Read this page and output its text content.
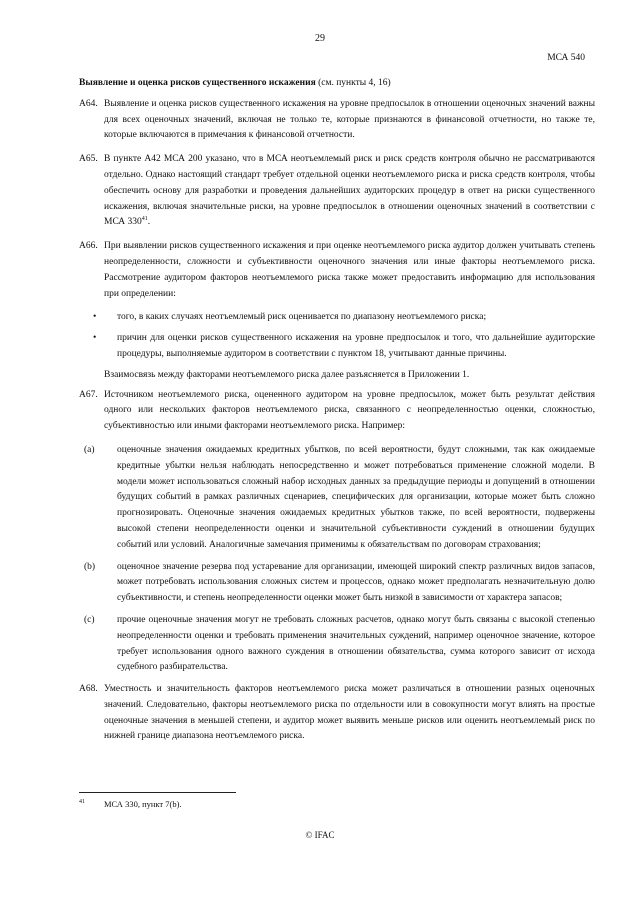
29
МСА 540

Выявление и оценка рисков существенного искажения (см. пункты 4, 16)

A64. Выявление и оценка рисков существенного искажения на уровне предпосылок в отношении оценочных значений важны для всех оценочных значений, включая не только те, которые признаются в финансовой отчетности, но также те, которые включаются в примечания к финансовой отчетности.
A65. В пункте A42 МСА 200 указано, что в МСА неотъемлемый риск и риск средств контроля обычно не рассматриваются отдельно. Однако настоящий стандарт требует отдельной оценки неотъемлемого риска и риска средств контроля, чтобы обеспечить основу для разработки и проведения дальнейших аудиторских процедур в ответ на риски существенного искажения, включая значительные риски, на уровне предпосылок в отношении оценочных значений в соответствии с МСА $330^{41}$.
A66. При выявлении рисков существенного искажения и при оценке неотъемлемого риска аудитор должен учитывать степень неопределенности, сложности и субъективности оценочного значения или иные факторы неотъемлемого риска. Рассмотрение аудитором факторов неотъемлемого риска также может предоставить информацию для использования при определении:
• того, в каких случаях неотъемлемый риск оценивается по диапазону неотъемлемого риска;
• причин для оценки рисков существенного искажения на уровне предпосылок и того, что дальнейшие аудиторские процедуры, выполняемые аудитором в соответствии с пунктом 18, учитывают данные причины.
Взаимосвязь между факторами неотъемлемого риска далее разъясняется в Приложении 1.
A67. Источником неотъемлемого риска, оцененного аудитором на уровне предпосылок, может быть результат действия одного или нескольких факторов неотъемлемого риска, связанного с неопределенностью оценки, сложностью, субъективностью или иными факторами неотъемлемого риска. Например:
(a) оценочные значения ожидаемых кредитных убытков, по всей вероятности, будут сложными, так как ожидаемые кредитные убытки нельзя наблюдать непосредственно и может потребоваться применение сложной модели. В модели может использоваться сложный набор исходных данных за предыдущие периоды и допущений в отношении будущих событий в рамках различных сценариев, специфических для организации, которые может быть сложно прогнозировать. Оценочные значения ожидаемых кредитных убытков также, по всей вероятности, подвержены высокой степени неопределенности оценки и значительной субъективности суждений в отношении будущих событий или условий. Аналогичные замечания применимы к обязательствам по договорам страхования;
(b) оценочное значение резерва под устаревание для организации, имеющей широкий спектр различных видов запасов, может потребовать использования сложных систем и процессов, однако может предполагать незначительную долю субъективности, и степень неопределенности оценки может быть низкой в зависимости от характера запасов;
(c) прочие оценочные значения могут не требовать сложных расчетов, однако могут быть связаны с высокой степенью неопределенности оценки и требовать применения значительных суждений, например оценочное значение, которое требует использования одного важного суждения в отношении обязательства, сумма которого зависит от исхода судебного разбирательства.
A68. Уместность и значительность факторов неотъемлемого риска может различаться в отношении разных оценочных значений. Следовательно, факторы неотъемлемого риска по отдельности или в совокупности могут влиять на простые оценочные значения в меньшей степени, и аудитор может выявить меньше рисков или оценить неотъемлемый риск по нижней границе диапазона неотъемлемого риска.
41 МСА 330, пункт 7(b).
© IFAC
